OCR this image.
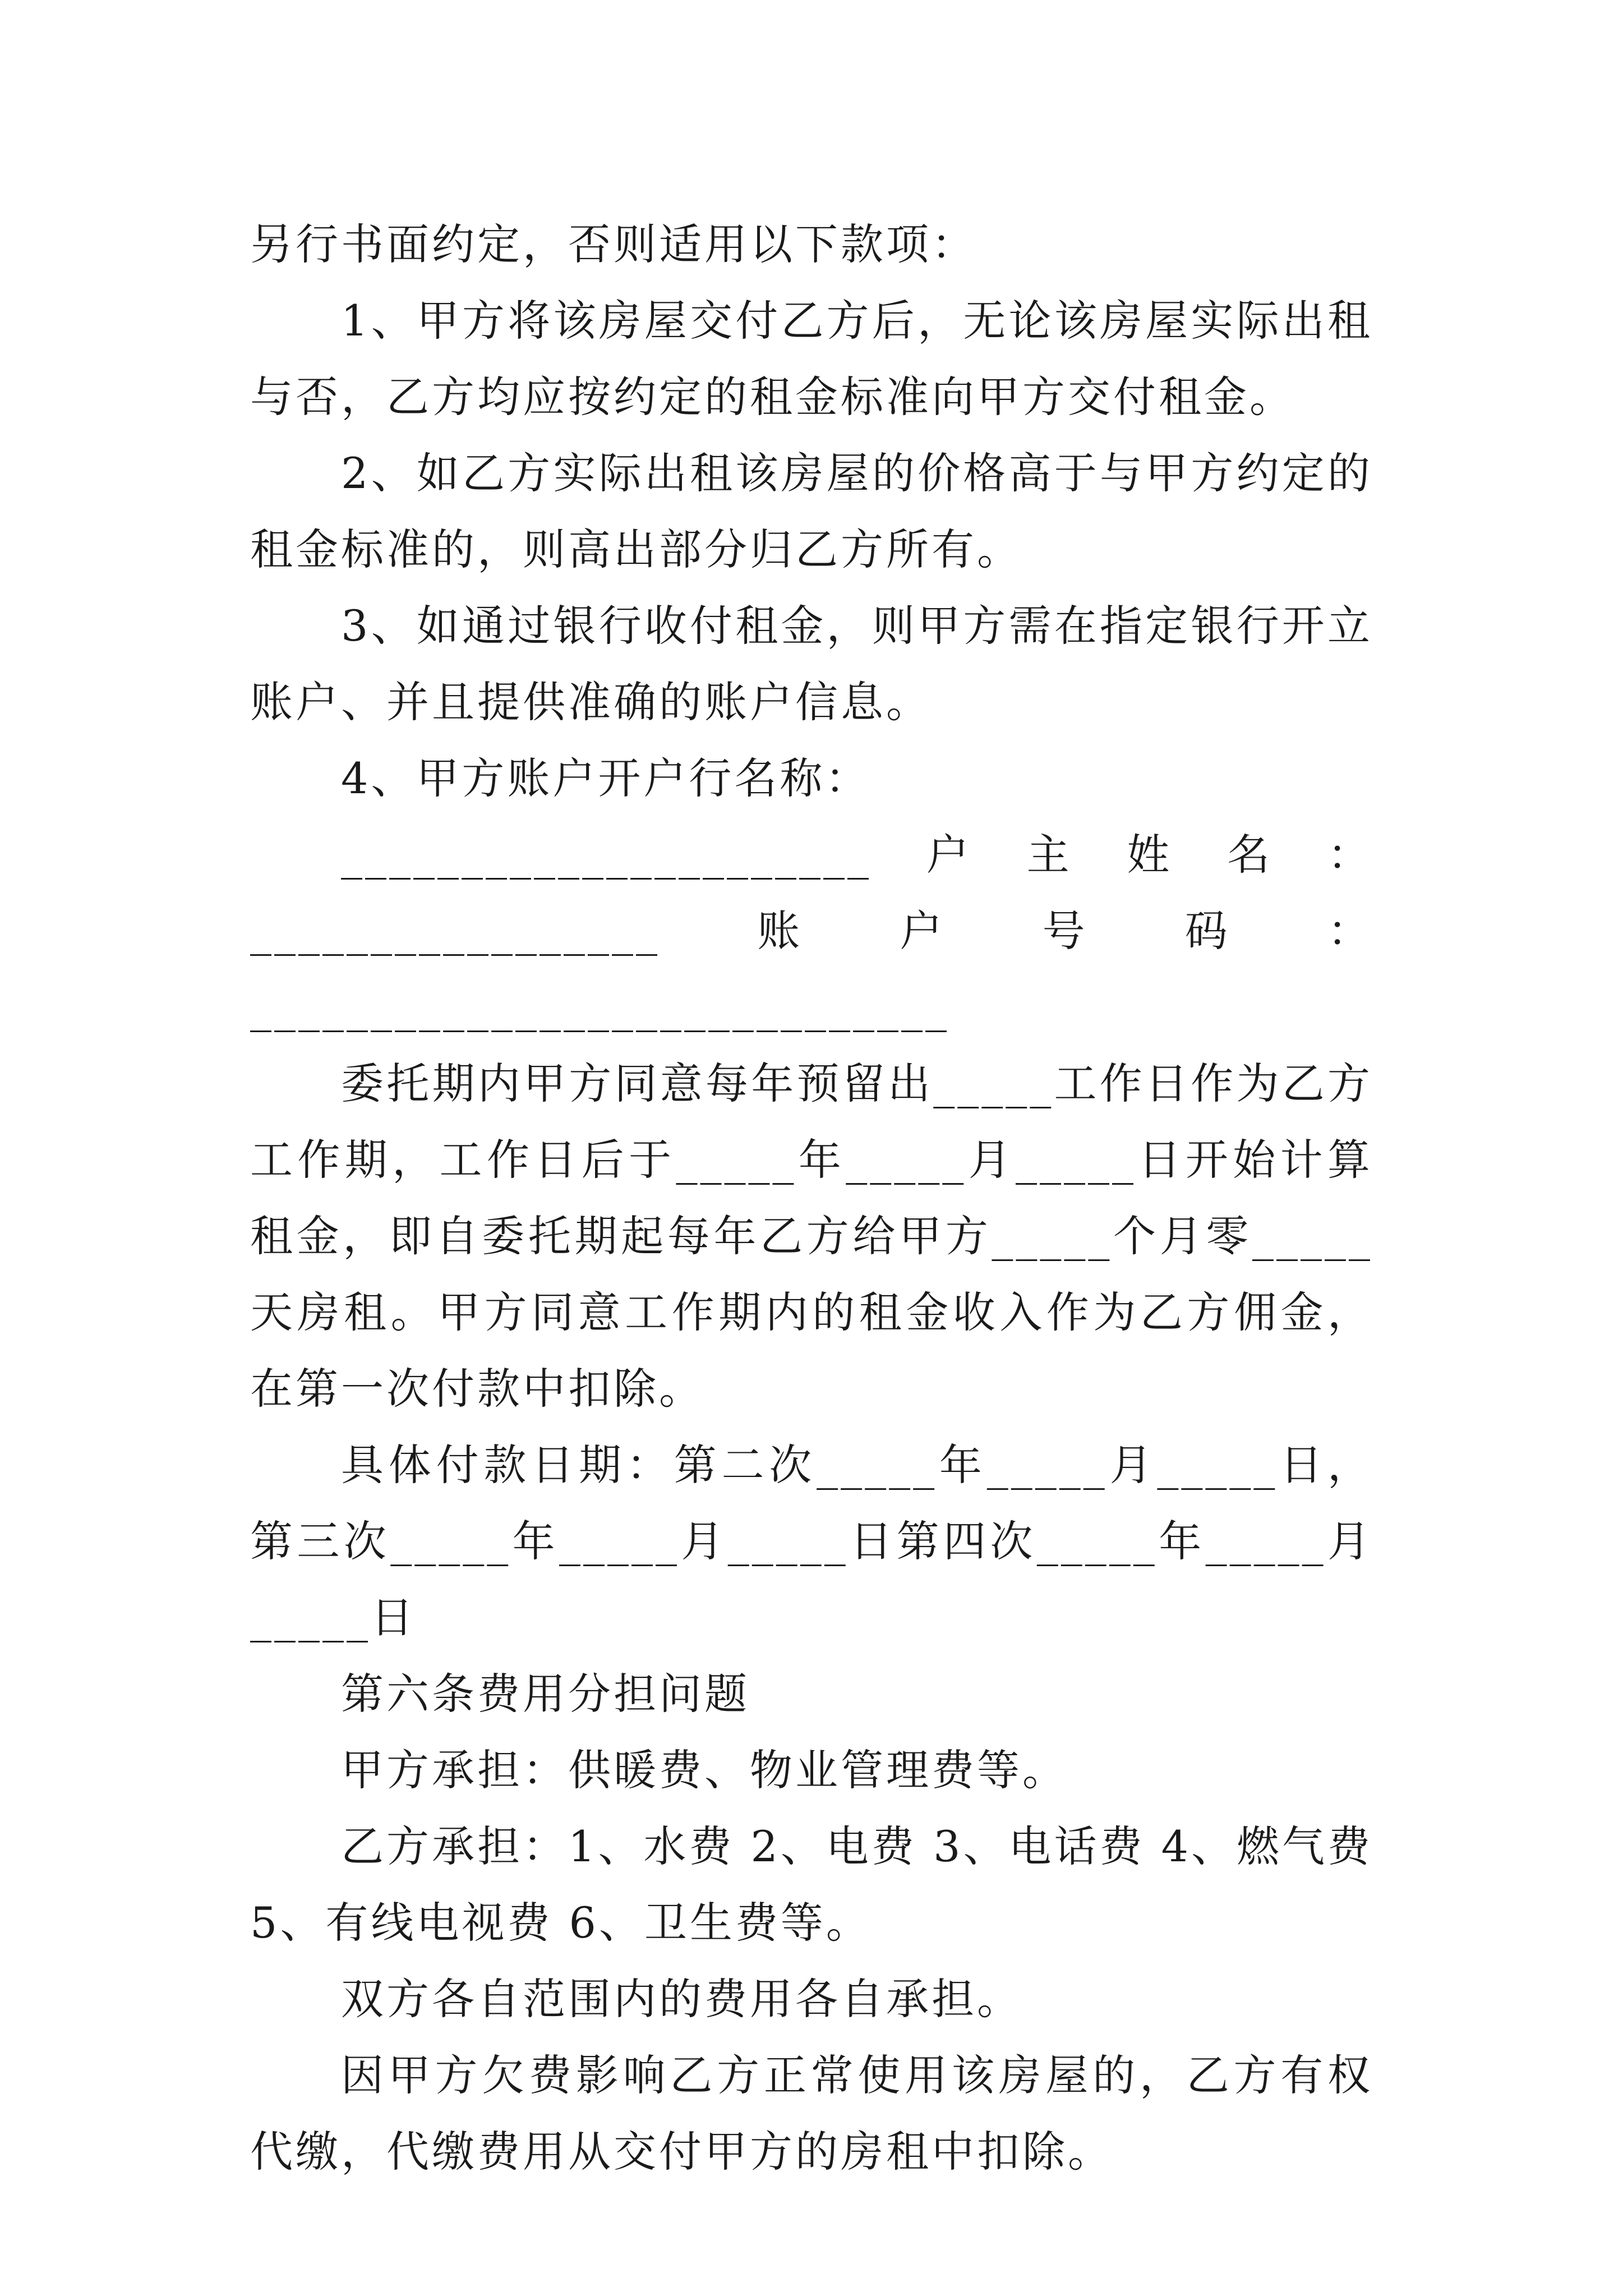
另行书面约定，否则适用以下款项：

1、甲方将该房屋交付乙方后，无论该房屋实际出租与否，乙方均应按约定的租金标准向甲方交付租金。

2、如乙方实际出租该房屋的价格高于与甲方约定的租金标准的，则高出部分归乙方所有。

3、如通过银行收付租金，则甲方需在指定银行开立账户、并且提供准确的账户信息。

4、甲方账户开户行名称：

______________________户主姓名：_________________账户号码：_____________________________

委托期内甲方同意每年预留出_____工作日作为乙方工作期，工作日后于_____年_____月_____日开始计算租金，即自委托期起每年乙方给甲方_____个月零_____天房租。甲方同意工作期内的租金收入作为乙方佣金，在第一次付款中扣除。

具体付款日期：第二次_____年_____月_____日，第三次_____年_____月_____日第四次_____年_____月_____日

第六条费用分担问题

甲方承担：供暖费、物业管理费等。

乙方承担：1、水费 2、电费 3、电话费 4、燃气费 5、有线电视费 6、卫生费等。

双方各自范围内的费用各自承担。

因甲方欠费影响乙方正常使用该房屋的，乙方有权代缴，代缴费用从交付甲方的房租中扣除。
